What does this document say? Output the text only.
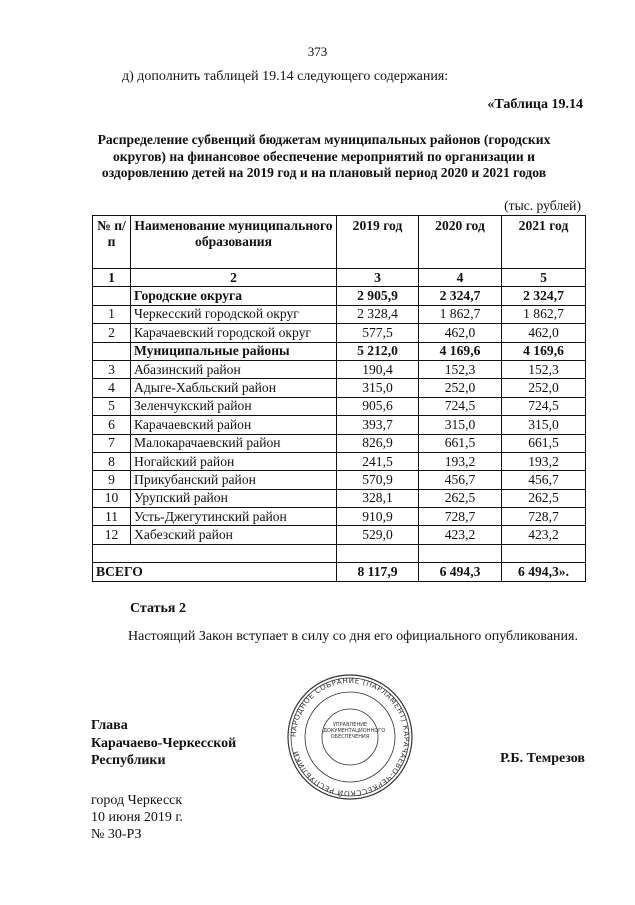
373
д) дополнить таблицей 19.14 следующего содержания:
«Таблица 19.14
Распределение субвенций бюджетам муниципальных районов (городских округов) на финансовое обеспечение мероприятий по организации и оздоровлению детей на 2019 год и на плановый период 2020 и 2021 годов
(тыс. рублей)
№ п/п	Наименование муниципального образования	2019 год	2020 год	2021 год
1	2	3	4	5
	Городские округа	2 905,9	2 324,7	2 324,7
1	Черкесский городской округ	2 328,4	1 862,7	1 862,7
2	Карачаевский городской округ	577,5	462,0	462,0
	Муниципальные районы	5 212,0	4 169,6	4 169,6
3	Абазинский район	190,4	152,3	152,3
4	Адыге-Хабльский район	315,0	252,0	252,0
5	Зеленчукский район	905,6	724,5	724,5
6	Карачаевский район	393,7	315,0	315,0
7	Малокарачаевский район	826,9	661,5	661,5
8	Ногайский район	241,5	193,2	193,2
9	Прикубанский район	570,9	456,7	456,7
10	Урупский район	328,1	262,5	262,5
11	Усть-Джегутинский район	910,9	728,7	728,7
12	Хабезский район	529,0	423,2	423,2

ВСЕГО		8 117,9	6 494,3	6 494,3».
Статья 2
Настоящий Закон вступает в силу со дня его официального опубликования.
Глава
Карачаево-Черкесской
Республики	Р.Б. Темрезов
город Черкесск
10 июня 2019 г.
№ 30-РЗ
НАРОДНОЕ СОБРАНИЕ (ПАРЛАМЕНТ) КАРАЧАЕВО-ЧЕРКЕССКОЙ РЕСПУБЛИКИ
УПРАВЛЕНИЕ ДОКУМЕНТАЦИОННОГО ОБЕСПЕЧЕНИЯ
